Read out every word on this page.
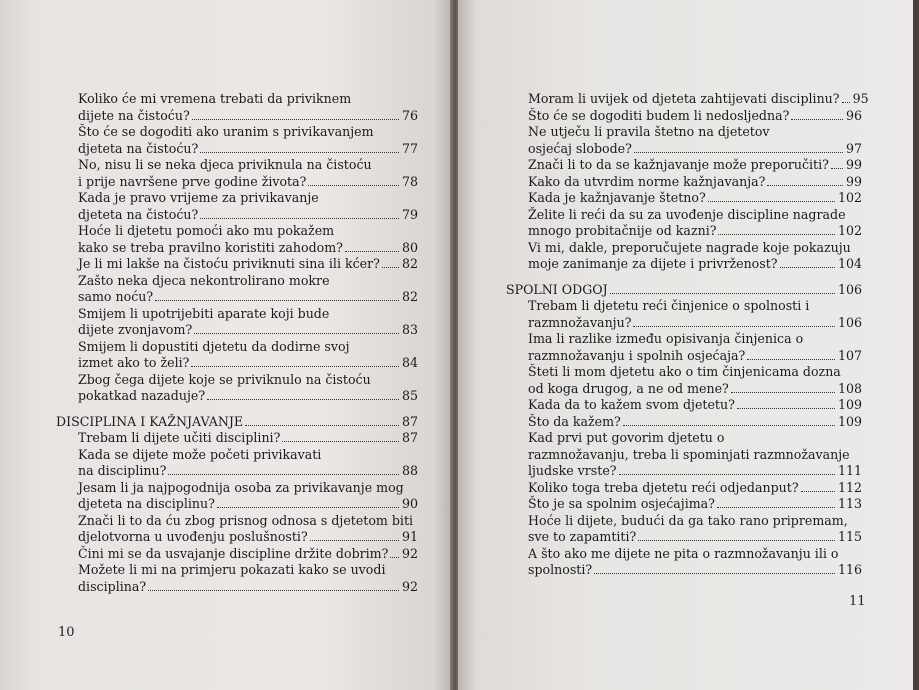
Koliko će mi vremena trebati da priviknem
dijete na čistoću?	76
Što će se dogoditi ako uranim s privikavanjem
djeteta na čistoću?	77
No, nisu li se neka djeca priviknula na čistoću
i prije navršene prve godine života?	78
Kada je pravo vrijeme za privikavanje
djeteta na čistoću?	79
Hoće li djetetu pomoći ako mu pokažem
kako se treba pravilno koristiti zahodom?	80
Je li mi lakše na čistoću priviknuti sina ili kćer? 82
Zašto neka djeca nekontrolirano mokre
samo noću?	82
Smijem li upotrijebiti aparate koji bude
dijete zvonjavom?	83
Smijem li dopustiti djetetu da dodirne svoj
izmet ako to želi?	84
Zbog čega dijete koje se priviknulo na čistoću
pokatkad nazaduje?	85
DISCIPLINA I KAŽNJAVANJE	87
Trebam li dijete učiti disciplini?	87
Kada se dijete može početi privikavati
na disciplinu?	88
Jesam li ja najpogodnija osoba za privikavanje mog
djeteta na disciplinu?	90
Znači li to da ću zbog prisnog odnosa s djetetom biti
djelotvorna u uvođenju poslušnosti?	91
Čini mi se da usvajanje discipline držite dobrim? 92
Možete li mi na primjeru pokazati kako se uvodi
disciplina?	92
10
Moram li uvijek od djeteta zahtijevati disciplinu? 95
Što će se dogoditi budem li nedosljedna?	96
Ne utječu li pravila štetno na djetetov
osjećaj slobode?	97
Znači li to da se kažnjavanje može preporučiti? 99
Kako da utvrdim norme kažnjavanja?	99
Kada je kažnjavanje štetno?	102
Želite li reći da su za uvođenje discipline nagrade
mnogo probitačnije od kazni?	102
Vi mi, dakle, preporučujete nagrade koje pokazuju
moje zanimanje za dijete i privrženost?	104
SPOLNI ODGOJ	106
Trebam li djetetu reći činjenice o spolnosti i
razmnožavanju?	106
Ima li razlike između opisivanja činjenica o
razmnožavanju i spolnih osjećaja?	107
Šteti li mom djetetu ako o tim činjenicama dozna
od koga drugog, a ne od mene?	108
Kada da to kažem svom djetetu?	109
Što da kažem?	109
Kad prvi put govorim djetetu o
razmnožavanju, treba li spominjati razmnožavanje
ljudske vrste?	111
Koliko toga treba djetetu reći odjedanput?	112
Što je sa spolnim osjećajima?	113
Hoće li dijete, budući da ga tako rano pripremam,
sve to zapamtiti?	115
A što ako me dijete ne pita o razmnožavanju ili o
spolnosti?	116
11
